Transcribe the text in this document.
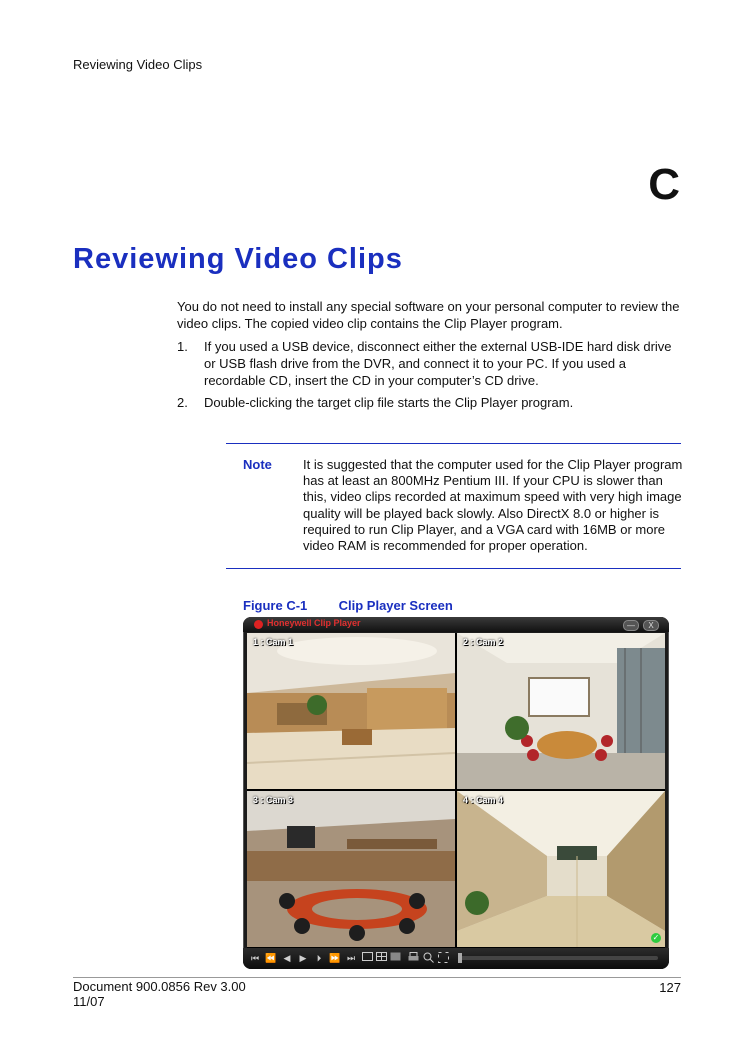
Reviewing Video Clips
C
Reviewing Video Clips

You do not need to install any special software on your personal computer to review the video clips. The copied video clip contains the Clip Player program.

1.	If you used a USB device, disconnect either the external USB-IDE hard disk drive or USB flash drive from the DVR, and connect it to your PC. If you used a recordable CD, insert the CD in your computer’s CD drive.
2.	Double-clicking the target clip file starts the Clip Player program.
Note It is suggested that the computer used for the Clip Player program has at least an 800MHz Pentium III. If your CPU is slower than this, video clips recorded at maximum speed with very high image quality will be played back slowly. Also DirectX 8.0 or higher is required to run Clip Player, and a VGA card with 16MB or more video RAM is recommended for proper operation.

Figure C-1 Clip Player Screen
Honeywell Clip Player	—	X
1 : Cam 1	2 : Cam 2
3 : Cam 3	4 : Cam 4
✓
⏮ ⏪ ◀ ▶	⏵ ⏩ ⏭
Document 900.0856 Rev 3.00
11/07
127
